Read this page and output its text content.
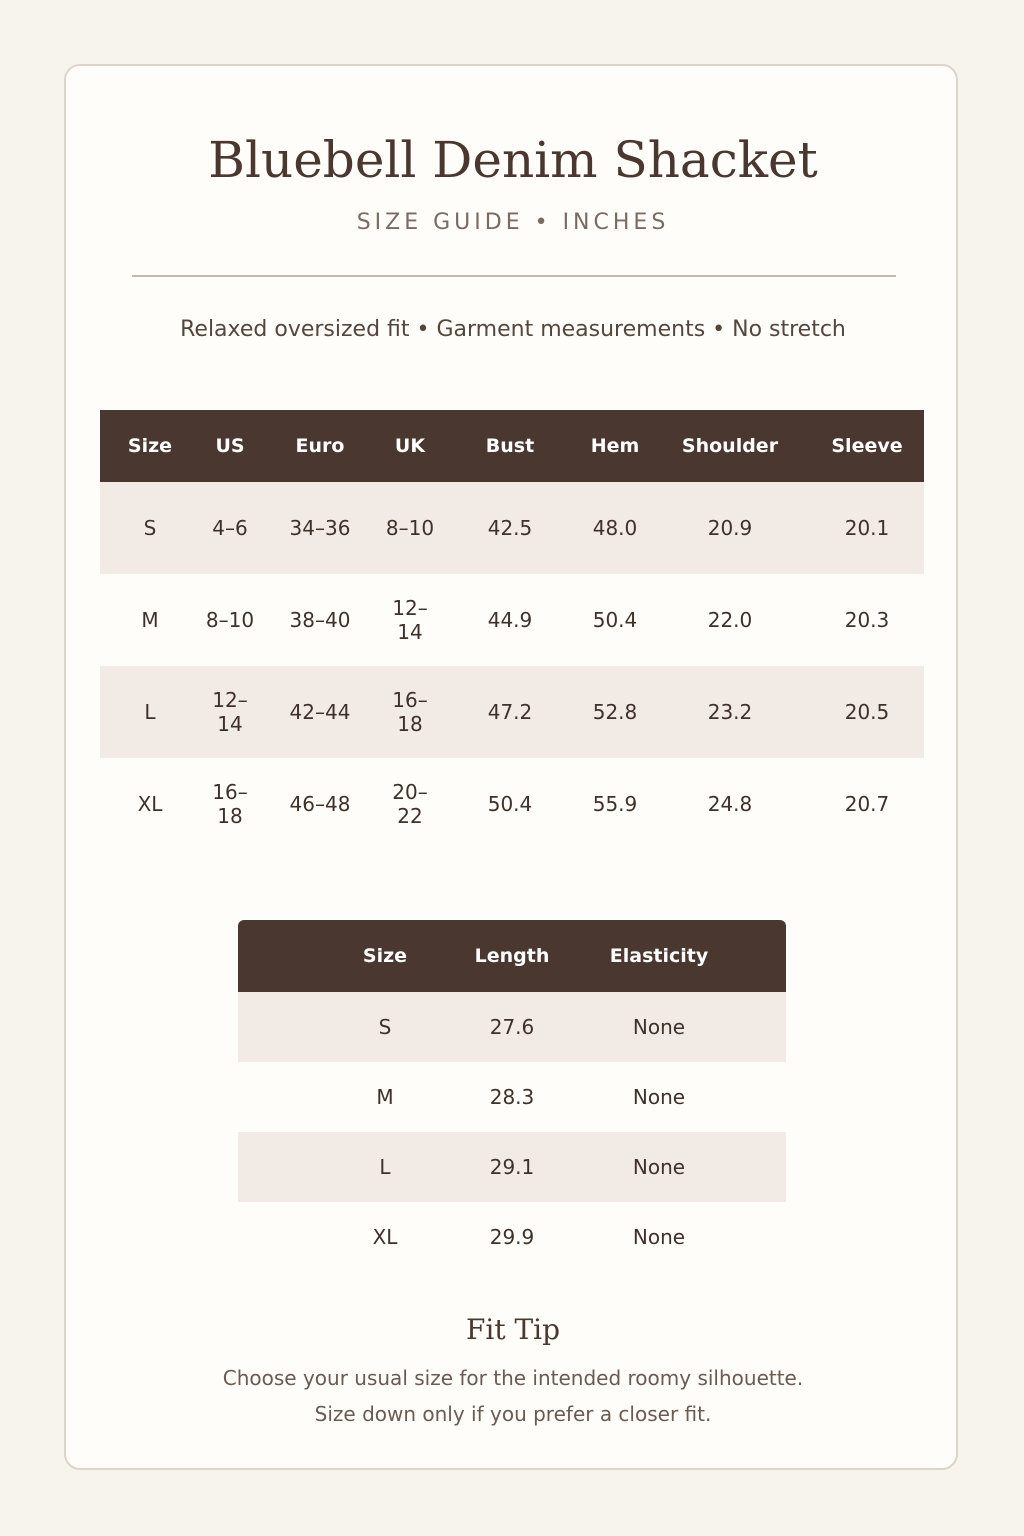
Bluebell Denim Shacket
SIZE GUIDE • INCHES
Relaxed oversized fit • Garment measurements • No stretch
Size	US	Euro	UK	Bust	Hem	Shoulder	Sleeve
S	4–6	34–36	8–10	42.5	48.0	20.9	20.1
M	8–10	38–40	12–14	44.9	50.4	22.0	20.3
L	12–14	42–44	16–18	47.2	52.8	23.2	20.5
XL	16–18	46–48	20–22	50.4	55.9	24.8	20.7
Size	Length	Elasticity
S	27.6	None
M	28.3	None
L	29.1	None
XL	29.9	None
Fit Tip
Choose your usual size for the intended roomy silhouette.
Size down only if you prefer a closer fit.
